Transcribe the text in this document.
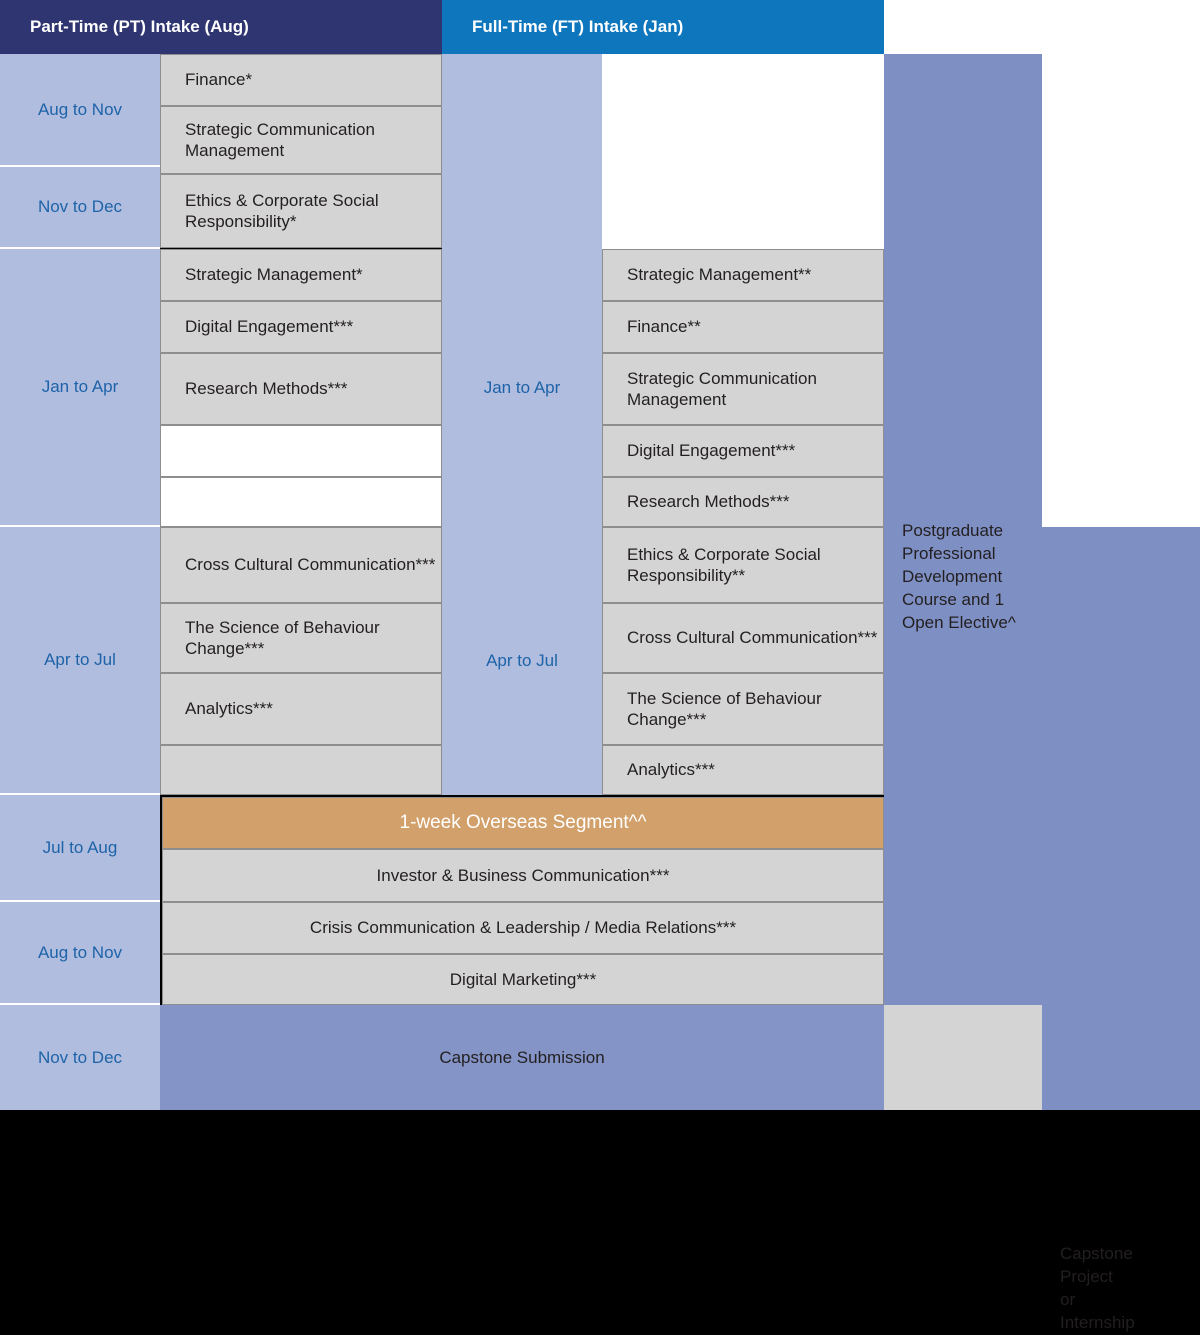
Part-Time (PT) Intake (Aug)	Full-Time (FT) Intake (Jan)
Aug to Nov
Nov to Dec
Jan to Apr
Apr to Jul
Jul to Aug
Aug to Nov
Nov to Dec
Finance*
Strategic Communication Management
Ethics & Corporate Social Responsibility*
Strategic Management*
Digital Engagement***
Research Methods***
Cross Cultural Communication***
The Science of Behaviour Change***
Analytics***
Jan to Apr
Apr to Jul
Strategic Management**
Finance**
Strategic Communication Management
Digital Engagement***
Research Methods***
Ethics & Corporate Social Responsibility**
Cross Cultural Communication***
The Science of Behaviour Change***
Analytics***
1-week Overseas Segment^^
Investor & Business Communication***
Crisis Communication & Leadership / Media Relations***
Digital Marketing***
Capstone Submission
Postgraduate Professional Development Course and 1 Open Elective^
Capstone
Project
or
Internship
